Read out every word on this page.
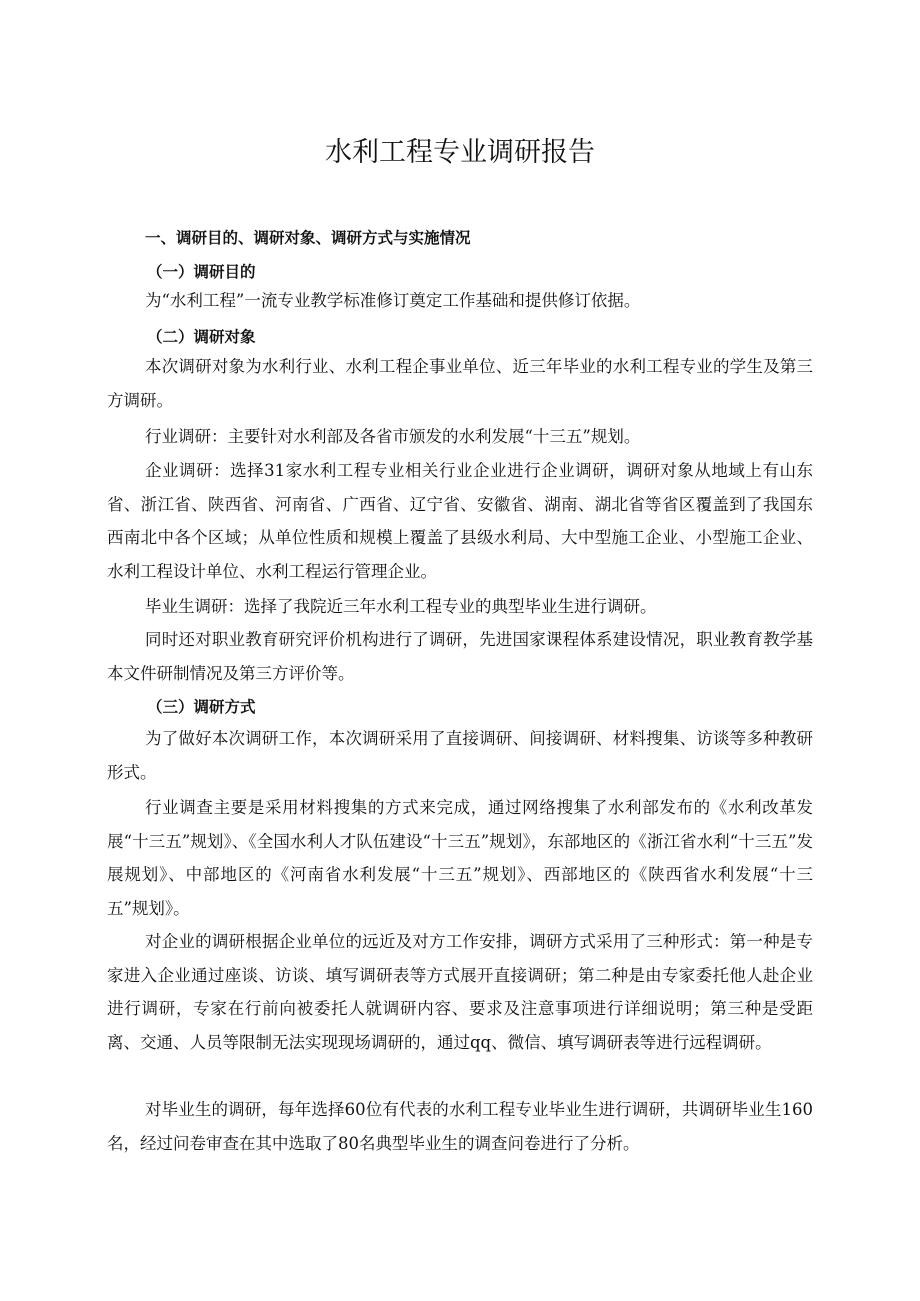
水利工程专业调研报告
一、调研目的、调研对象、调研方式与实施情况
（一）调研目的
为“水利工程”一流专业教学标准修订奠定工作基础和提供修订依据。
（二）调研对象
本次调研对象为水利行业、水利工程企事业单位、近三年毕业的水利工程专业的学生及第三方调研。
行业调研：主要针对水利部及各省市颁发的水利发展“十三五”规划。
企业调研：选择31家水利工程专业相关行业企业进行企业调研，调研对象从地域上有山东省、浙江省、陕西省、河南省、广西省、辽宁省、安徽省、湖南、湖北省等省区覆盖到了我国东西南北中各个区域；从单位性质和规模上覆盖了县级水利局、大中型施工企业、小型施工企业、水利工程设计单位、水利工程运行管理企业。
毕业生调研：选择了我院近三年水利工程专业的典型毕业生进行调研。
同时还对职业教育研究评价机构进行了调研，先进国家课程体系建设情况，职业教育教学基本文件研制情况及第三方评价等。
（三）调研方式
为了做好本次调研工作，本次调研采用了直接调研、间接调研、材料搜集、访谈等多种教研形式。
行业调查主要是采用材料搜集的方式来完成，通过网络搜集了水利部发布的《水利改革发展“十三五”规划》、《全国水利人才队伍建设“十三五”规划》，东部地区的《浙江省水利“十三五”发展规划》、中部地区的《河南省水利发展“十三五”规划》、西部地区的《陕西省水利发展“十三五”规划》。
对企业的调研根据企业单位的远近及对方工作安排，调研方式采用了三种形式：第一种是专家进入企业通过座谈、访谈、填写调研表等方式展开直接调研；第二种是由专家委托他人赴企业进行调研，专家在行前向被委托人就调研内容、要求及注意事项进行详细说明；第三种是受距离、交通、人员等限制无法实现现场调研的，通过qq、微信、填写调研表等进行远程调研。
对毕业生的调研，每年选择60位有代表的水利工程专业毕业生进行调研，共调研毕业生160名，经过问卷审查在其中选取了80名典型毕业生的调查问卷进行了分析。
